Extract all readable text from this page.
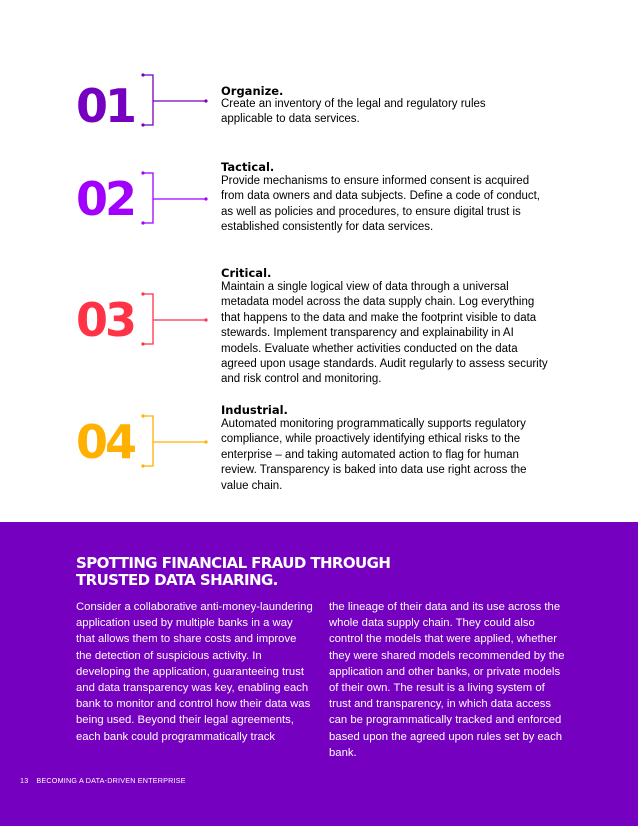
01	Organize.
Create an inventory of the legal and regulatory rules applicable to data services.
02
Tactical.
Provide mechanisms to ensure informed consent is acquired from data owners and data subjects. Define a code of conduct, as well as policies and procedures, to ensure digital trust is established consistently for data services.
03
Critical.
Maintain a single logical view of data through a universal metadata model across the data supply chain. Log everything that happens to the data and make the footprint visible to data stewards. Implement transparency and explainability in AI models. Evaluate whether activities conducted on the data agreed upon usage standards. Audit regularly to assess security and risk control and monitoring.
04
Industrial.
Automated monitoring programmatically supports regulatory compliance, while proactively identifying ethical risks to the enterprise – and taking automated action to flag for human review. Transparency is baked into data use right across the value chain.
SPOTTING FINANCIAL FRAUD THROUGH TRUSTED DATA SHARING.
Consider a collaborative anti-money-laundering application used by multiple banks in a way that allows them to share costs and improve the detection of suspicious activity. In developing the application, guaranteeing trust and data transparency was key, enabling each bank to monitor and control how their data was being used. Beyond their legal agreements, each bank could programmatically track
the lineage of their data and its use across the whole data supply chain. They could also control the models that were applied, whether they were shared models recommended by the application and other banks, or private models of their own. The result is a living system of trust and transparency, in which data access can be programmatically tracked and enforced based upon the agreed upon rules set by each bank.
13 BECOMING A DATA-DRIVEN ENTERPRISE
